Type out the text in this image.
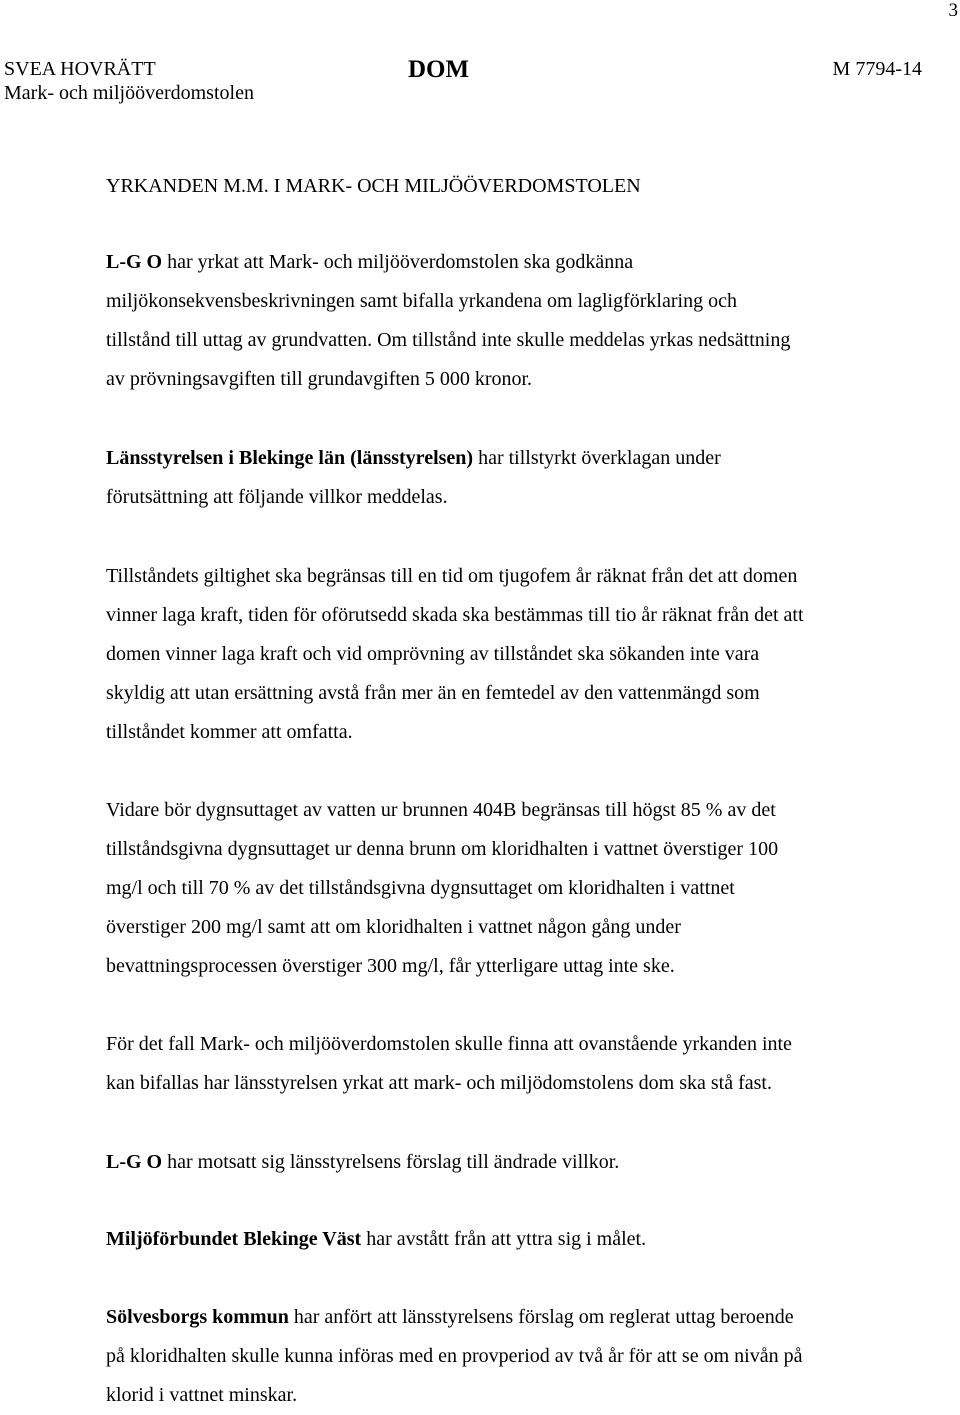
3
SVEA HOVRÄTT
Mark- och miljööverdomstolen
DOM	M 7794-14
YRKANDEN M.M. I MARK- OCH MILJÖÖVERDOMSTOLEN
L-G O har yrkat att Mark- och miljööverdomstolen ska godkänna
miljökonsekvensbeskrivningen samt bifalla yrkandena om lagligförklaring och
tillstånd till uttag av grundvatten. Om tillstånd inte skulle meddelas yrkas nedsättning
av prövningsavgiften till grundavgiften 5 000 kronor.
Länsstyrelsen i Blekinge län (länsstyrelsen) har tillstyrkt överklagan under
förutsättning att följande villkor meddelas.
Tillståndets giltighet ska begränsas till en tid om tjugofem år räknat från det att domen
vinner laga kraft, tiden för oförutsedd skada ska bestämmas till tio år räknat från det att
domen vinner laga kraft och vid omprövning av tillståndet ska sökanden inte vara
skyldig att utan ersättning avstå från mer än en femtedel av den vattenmängd som
tillståndet kommer att omfatta.
Vidare bör dygnsuttaget av vatten ur brunnen 404B begränsas till högst 85 % av det
tillståndsgivna dygnsuttaget ur denna brunn om kloridhalten i vattnet överstiger 100
mg/l och till 70 % av det tillståndsgivna dygnsuttaget om kloridhalten i vattnet
överstiger 200 mg/l samt att om kloridhalten i vattnet någon gång under
bevattningsprocessen överstiger 300 mg/l, får ytterligare uttag inte ske.
För det fall Mark- och miljööverdomstolen skulle finna att ovanstående yrkanden inte
kan bifallas har länsstyrelsen yrkat att mark- och miljödomstolens dom ska stå fast.
L-G O har motsatt sig länsstyrelsens förslag till ändrade villkor.
Miljöförbundet Blekinge Väst har avstått från att yttra sig i målet.
Sölvesborgs kommun har anfört att länsstyrelsens förslag om reglerat uttag beroende
på kloridhalten skulle kunna införas med en provperiod av två år för att se om nivån på
klorid i vattnet minskar.
